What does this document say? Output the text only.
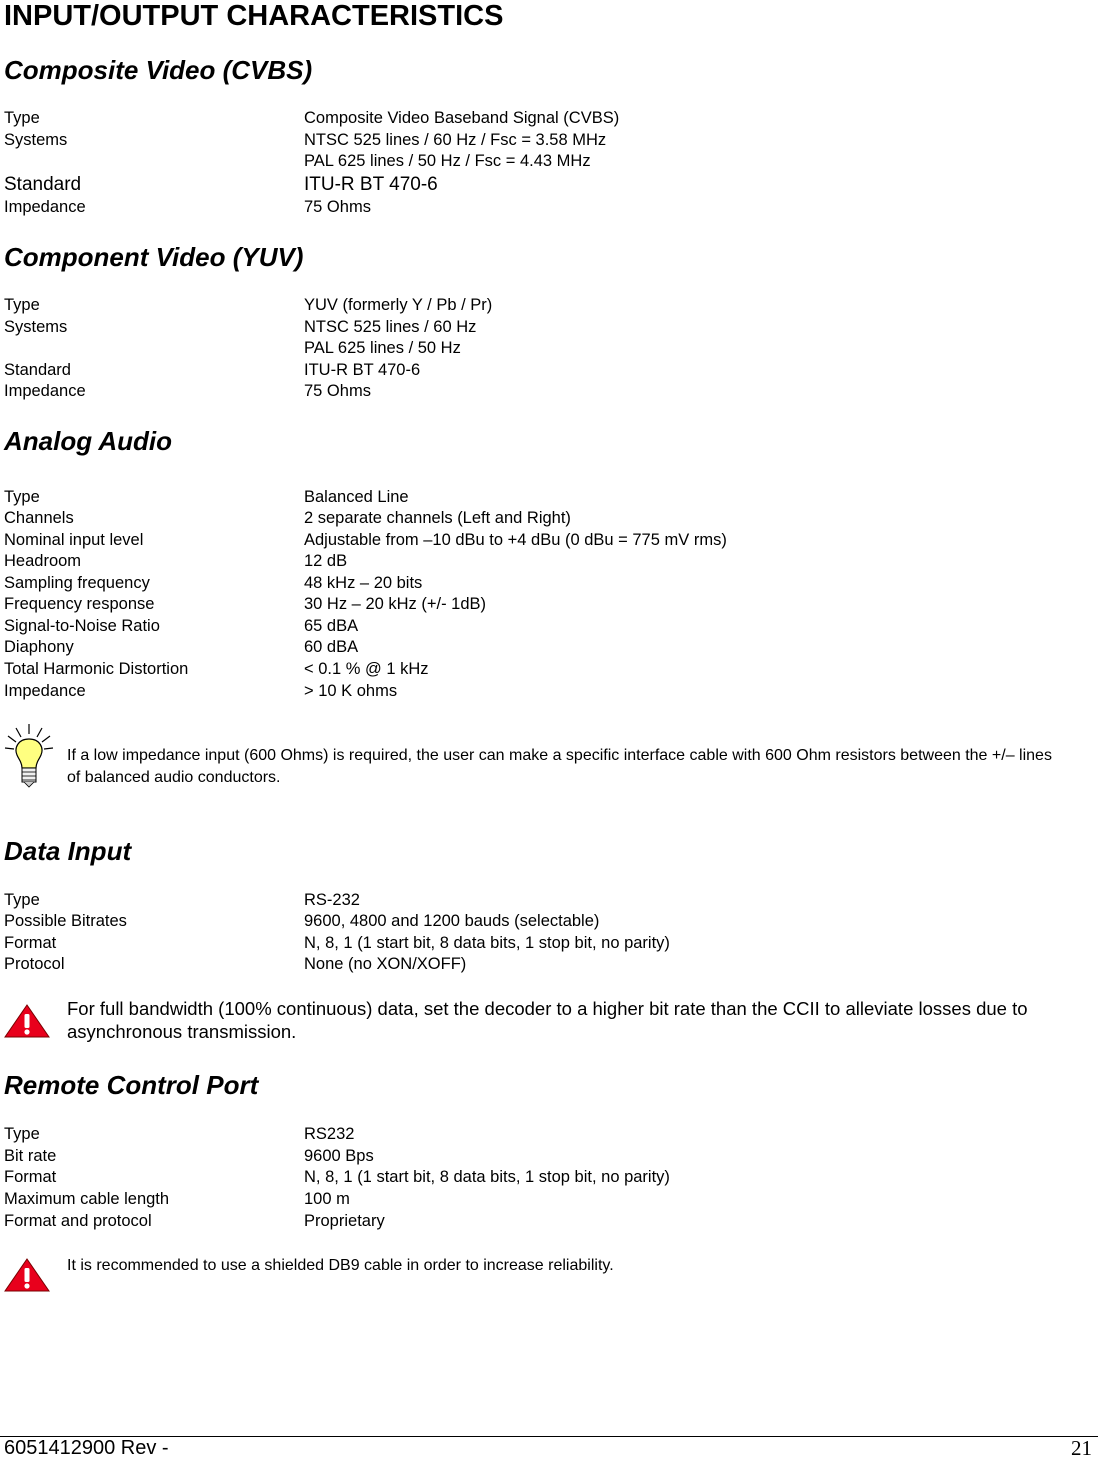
INPUT/OUTPUT CHARACTERISTICS
Composite Video (CVBS)
Type	Composite Video Baseband Signal (CVBS)
Systems	NTSC 525 lines / 60 Hz / Fsc = 3.58 MHz
PAL 625 lines / 50 Hz / Fsc = 4.43 MHz
Standard	ITU-R BT 470-6
Impedance	75 Ohms
Component Video (YUV)
Type	YUV (formerly Y / Pb / Pr)
Systems	NTSC 525 lines / 60 Hz
PAL 625 lines / 50 Hz
Standard	ITU-R BT 470-6
Impedance	75 Ohms
Analog Audio
Type	Balanced Line
Channels	2 separate channels (Left and Right)
Nominal input level	Adjustable from –10 dBu to +4 dBu (0 dBu = 775 mV rms)
Headroom	12 dB
Sampling frequency	48 kHz – 20 bits
Frequency response	30 Hz – 20 kHz (+/- 1dB)
Signal-to-Noise Ratio	65 dBA
Diaphony	60 dBA
Total Harmonic Distortion	< 0.1 % @ 1 kHz
Impedance	> 10 K ohms
If a low impedance input (600 Ohms) is required, the user can make a specific interface cable with 600 Ohm resistors between the +/– lines of balanced audio conductors.
Data Input
Type	RS-232
Possible Bitrates	9600, 4800 and 1200 bauds (selectable)
Format	N, 8, 1 (1 start bit, 8 data bits, 1 stop bit, no parity)
Protocol	None (no XON/XOFF)
For full bandwidth (100% continuous) data, set the decoder to a higher bit rate than the CCII to alleviate losses due to asynchronous transmission.
Remote Control Port
Type	RS232
Bit rate	9600 Bps
Format	N, 8, 1 (1 start bit, 8 data bits, 1 stop bit, no parity)
Maximum cable length	100 m
Format and protocol	Proprietary
It is recommended to use a shielded DB9 cable in order to increase reliability.
6051412900 Rev -	21
